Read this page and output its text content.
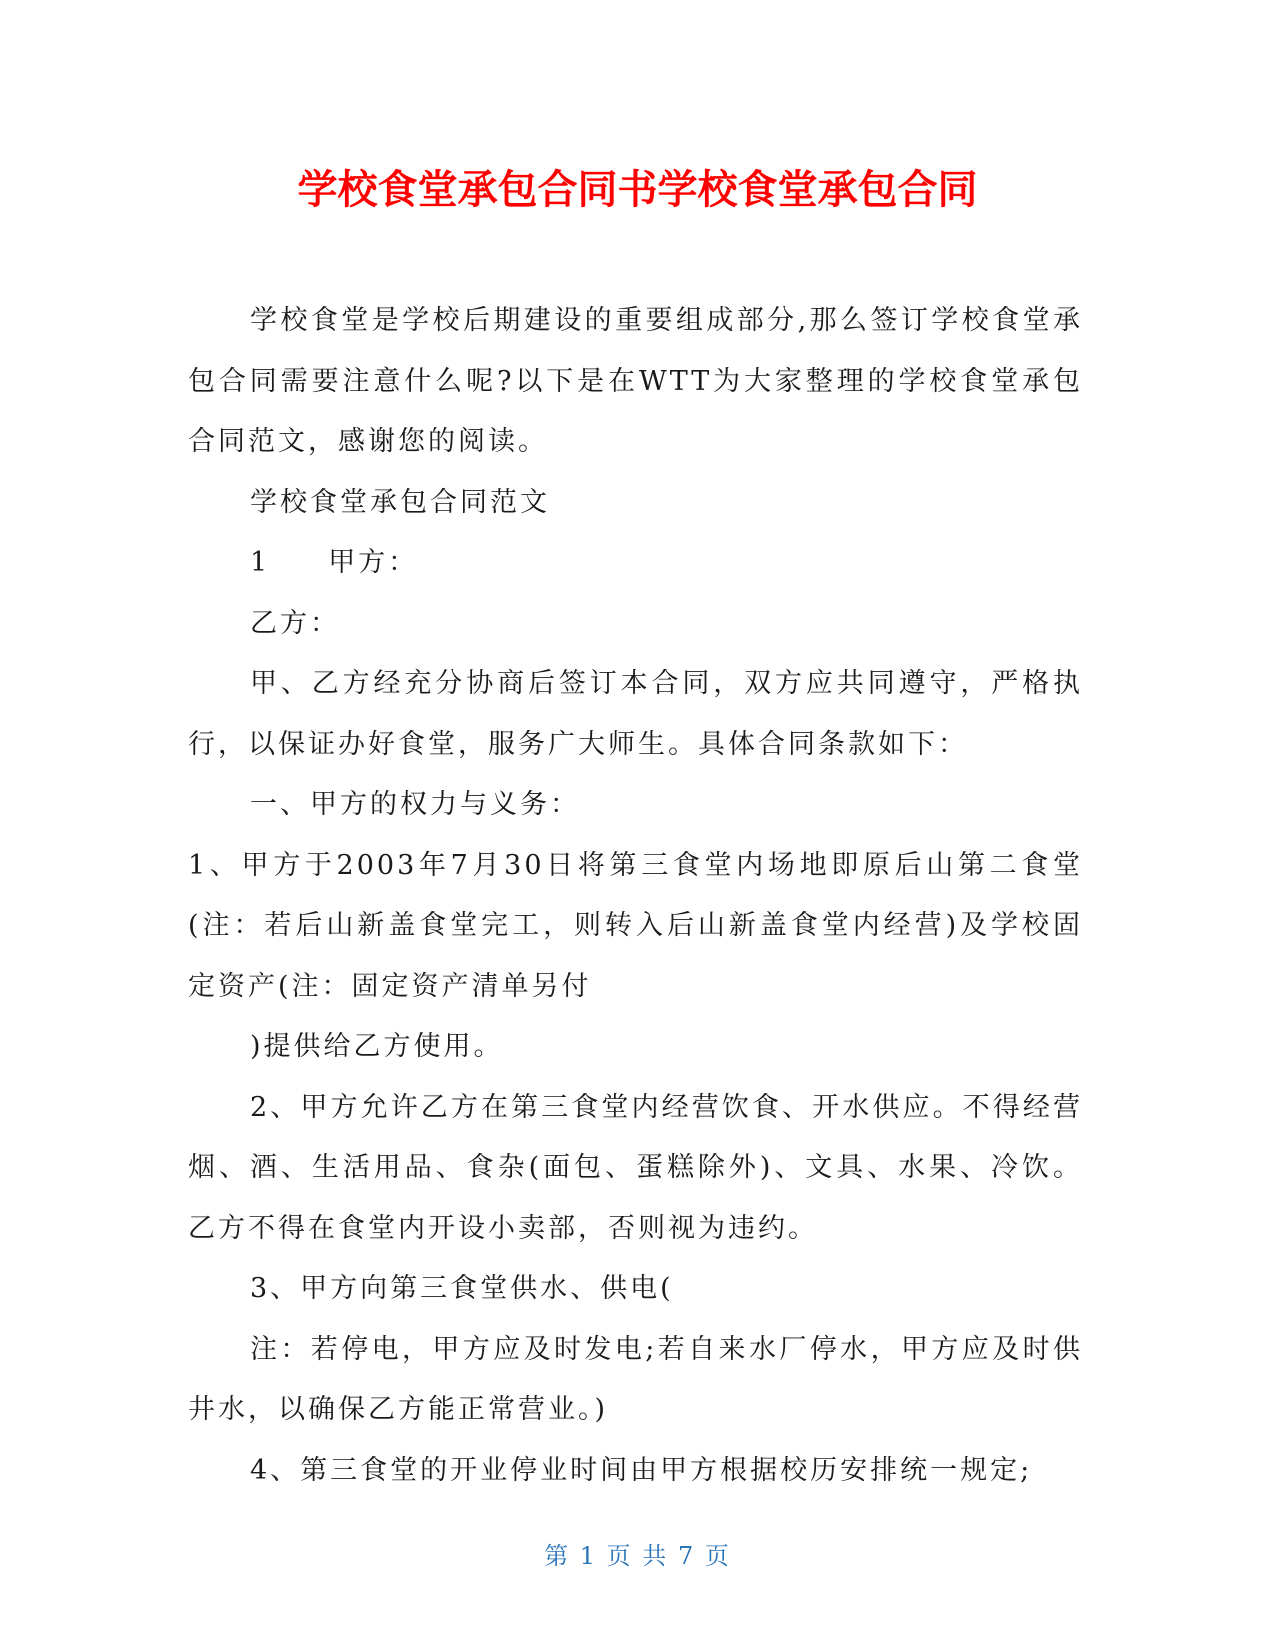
学校食堂承包合同书学校食堂承包合同

学校食堂是学校后期建设的重要组成部分,那么签订学校食堂承包合同需要注意什么呢?以下是在WTT为大家整理的学校食堂承包合同范文，感谢您的阅读。

学校食堂承包合同范文

1 甲方：

乙方：

甲、乙方经充分协商后签订本合同，双方应共同遵守，严格执行，以保证办好食堂，服务广大师生。具体合同条款如下：

一、甲方的权力与义务：

1、甲方于2003年7月30日将第三食堂内场地即原后山第二食堂(注：若后山新盖食堂完工，则转入后山新盖食堂内经营)及学校固定资产(注：固定资产清单另付

)提供给乙方使用。

2、甲方允许乙方在第三食堂内经营饮食、开水供应。不得经营烟、酒、生活用品、食杂(面包、蛋糕除外)、文具、水果、冷饮。乙方不得在食堂内开设小卖部，否则视为违约。

3、甲方向第三食堂供水、供电(

注：若停电，甲方应及时发电;若自来水厂停水，甲方应及时供井水，以确保乙方能正常营业。)

4、第三食堂的开业停业时间由甲方根据校历安排统一规定;

第 1 页 共 7 页
